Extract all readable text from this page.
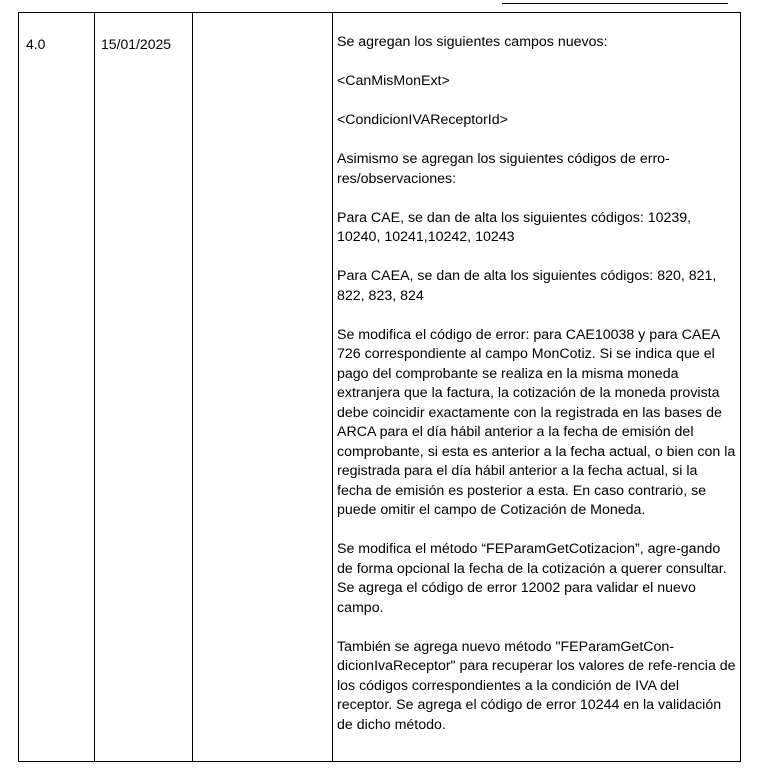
4.0	15/01/2025		Se agregan los siguientes campos nuevos:

<CanMisMonExt>

<CondicionIVAReceptorId>

Asimismo se agregan los siguientes códigos de erro-res/observaciones:

Para CAE, se dan de alta los siguientes códigos: 10239, 10240, 10241,10242, 10243

Para CAEA, se dan de alta los siguientes códigos: 820, 821, 822, 823, 824

Se modifica el código de error: para CAE10038 y para CAEA 726 correspondiente al campo MonCotiz. Si se indica que el pago del comprobante se realiza en la misma moneda extranjera que la factura, la cotización de la moneda provista debe coincidir exactamente con la registrada en las bases de ARCA para el día hábil anterior a la fecha de emisión del comprobante, si esta es anterior a la fecha actual, o bien con la registrada para el día hábil anterior a la fecha actual, si la fecha de emisión es posterior a esta. En caso contrario, se puede omitir el campo de Cotización de Moneda.

Se modifica el método “FEParamGetCotizacion”, agre-gando de forma opcional la fecha de la cotización a querer consultar. Se agrega el código de error 12002 para validar el nuevo campo.

También se agrega nuevo método "FEParamGetCon-dicionIvaReceptor" para recuperar los valores de refe-rencia de los códigos correspondientes a la condición de IVA del receptor. Se agrega el código de error 10244 en la validación de dicho método.
